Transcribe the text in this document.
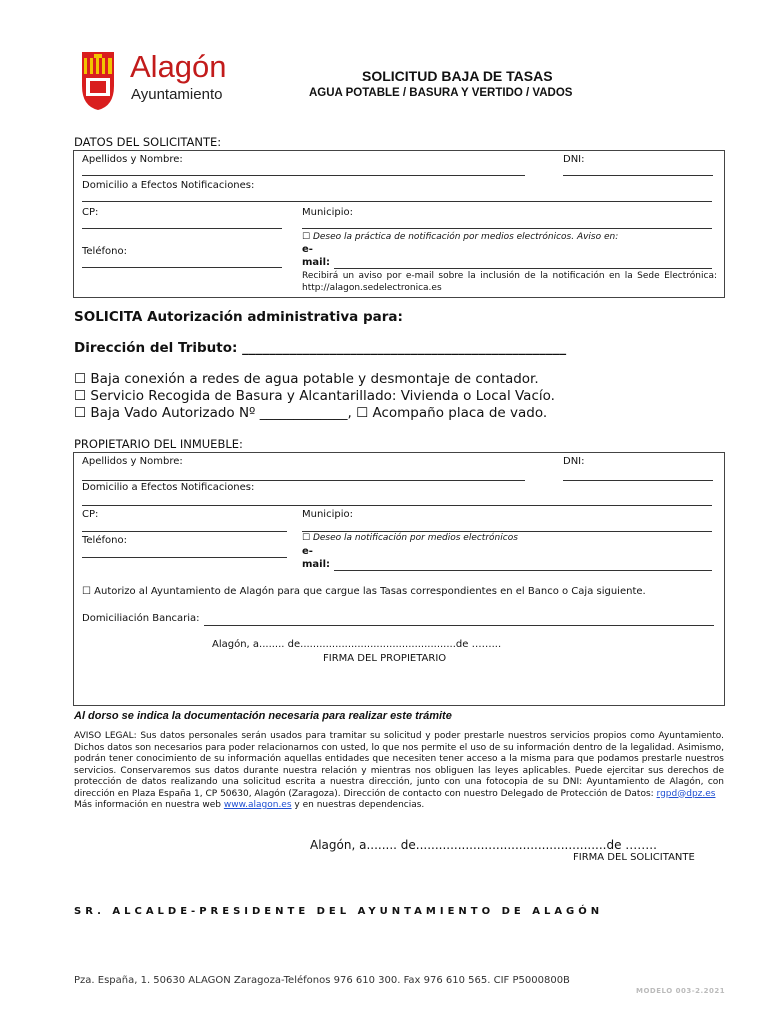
Alagón
Ayuntamiento
SOLICITUD BAJA DE TASAS
AGUA POTABLE / BASURA Y VERTIDO / VADOS
DATOS DEL SOLICITANTE:
Apellidos y Nombre:	DNI:
Domicilio a Efectos Notificaciones:
CP:	Municipio:
☐ Deseo la práctica de notificación por medios electrónicos. Aviso en:
Teléfono:	e-
mail:
Recibirá un aviso por e-mail sobre la inclusión de la notificación en la Sede Electrónica: http://alagon.sedelectronica.es
SOLICITA Autorización administrativa para:
Dirección del Tributo: ________________________________________________
☐ Baja conexión a redes de agua potable y desmontaje de contador.
☐ Servicio Recogida de Basura y Alcantarillado: Vivienda o Local Vacío.
☐ Baja Vado Autorizado Nº _____________, ☐ Acompaño placa de vado.
PROPIETARIO DEL INMUEBLE:
Apellidos y Nombre:	DNI:
Domicilio a Efectos Notificaciones:
CP:	Municipio:
Teléfono:	☐ Deseo la notificación por medios electrónicos
e-
mail:
☐ Autorizo al Ayuntamiento de Alagón para que cargue las Tasas correspondientes en el Banco o Caja siguiente.
Domiciliación Bancaria:
Alagón, a........ de.................................................de ……...
FIRMA DEL PROPIETARIO
Al dorso se indica la documentación necesaria para realizar este trámite
AVISO LEGAL: Sus datos personales serán usados para tramitar su solicitud y poder prestarle nuestros servicios propios como Ayuntamiento. Dichos datos son necesarios para poder relacionarnos con usted, lo que nos permite el uso de su información dentro de la legalidad. Asimismo, podrán tener conocimiento de su información aquellas entidades que necesiten tener acceso a la misma para que podamos prestarle nuestros servicios. Conservaremos sus datos durante nuestra relación y mientras nos obliguen las leyes aplicables. Puede ejercitar sus derechos de protección de datos realizando una solicitud escrita a nuestra dirección, junto con una fotocopia de su DNI: Ayuntamiento de Alagón, con dirección en Plaza España 1, CP 50630, Alagón (Zaragoza). Dirección de contacto con nuestro Delegado de Protección de Datos: rgpd@dpz.es
Más información en nuestra web www.alagon.es y en nuestras dependencias.
Alagón, a........ de..................................................de ……..
FIRMA DEL SOLICITANTE
SR. ALCALDE-PRESIDENTE DEL AYUNTAMIENTO DE ALAGÓN
Pza. España, 1. 50630 ALAGON Zaragoza-Teléfonos 976 610 300. Fax 976 610 565. CIF P5000800B
MODELO 003-2.2021
